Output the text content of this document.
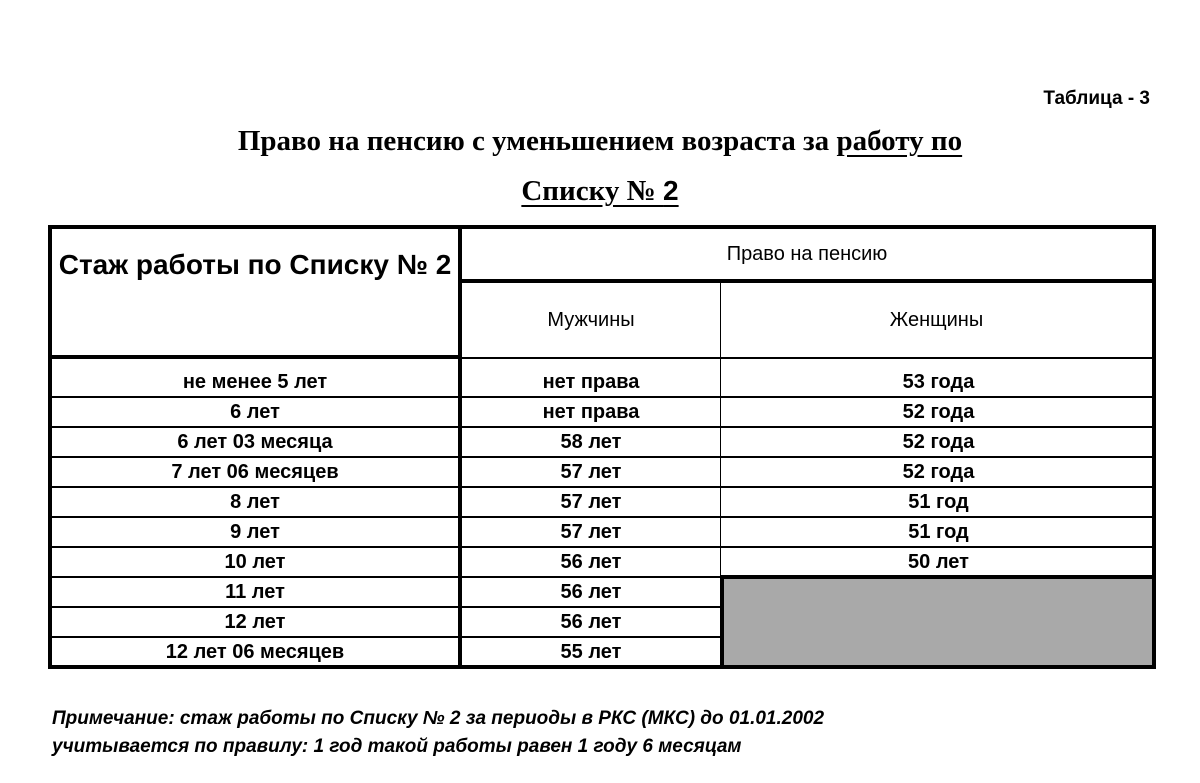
Таблица - 3
Право на пенсию с уменьшением возраста за работу по
Списку № 2
Стаж работы по Списку № 2	Право на пенсию
Мужчины	Женщины
не менее 5 лет	нет права	53 года
6 лет	нет права	52 года
6 лет 03 месяца	58 лет	52 года
7 лет 06 месяцев	57 лет	52 года
8 лет	57 лет	51 год
9 лет	57 лет	51 год
10 лет	56 лет	50 лет
11 лет	56 лет
12 лет	56 лет
12 лет 06 месяцев	55 лет
Примечание: стаж работы по Списку № 2 за периоды в РКС (МКС) до 01.01.2002
учитывается по правилу: 1 год такой работы равен 1 году 6 месяцам
